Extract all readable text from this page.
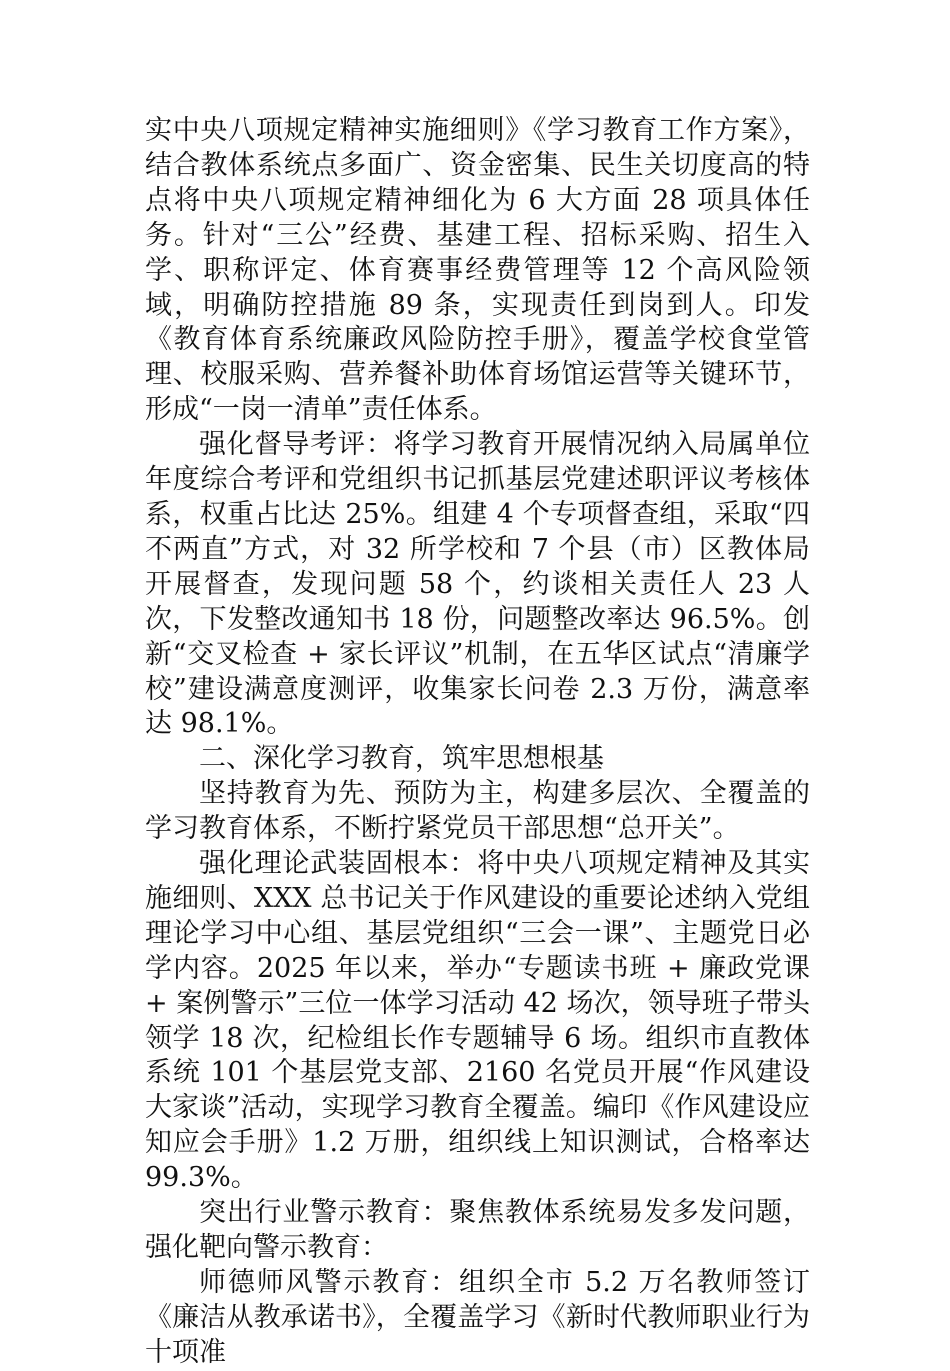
实中央八项规定精神实施细则》《学习教育工作方案》，结合教体系统点多面广、资金密集、民生关切度高的特点将中央八项规定精神细化为 6 大方面 28 项具体任务。针对“三公”经费、基建工程、招标采购、招生入学、职称评定、体育赛事经费管理等 12 个高风险领域，明确防控措施 89 条，实现责任到岗到人。印发《教育体育系统廉政风险防控手册》，覆盖学校食堂管理、校服采购、营养餐补助体育场馆运营等关键环节，形成“一岗一清单”责任体系。

强化督导考评：将学习教育开展情况纳入局属单位年度综合考评和党组织书记抓基层党建述职评议考核体系，权重占比达 25%。组建 4 个专项督查组，采取“四不两直”方式，对 32 所学校和 7 个县（市）区教体局开展督查，发现问题 58 个，约谈相关责任人 23 人次，下发整改通知书 18 份，问题整改率达 96.5%。创新“交叉检查 + 家长评议”机制，在五华区试点“清廉学校”建设满意度测评，收集家长问卷 2.3 万份，满意率达 98.1%。

二、深化学习教育，筑牢思想根基

坚持教育为先、预防为主，构建多层次、全覆盖的学习教育体系，不断拧紧党员干部思想“总开关”。

强化理论武装固根本：将中央八项规定精神及其实施细则、XXX 总书记关于作风建设的重要论述纳入党组理论学习中心组、基层党组织“三会一课”、主题党日必学内容。2025 年以来，举办“专题读书班 + 廉政党课 + 案例警示”三位一体学习活动 42 场次，领导班子带头领学 18 次，纪检组长作专题辅导 6 场。组织市直教体系统 101 个基层党支部、2160 名党员开展“作风建设大家谈”活动，实现学习教育全覆盖。编印《作风建设应知应会手册》1.2 万册，组织线上知识测试，合格率达 99.3%。

突出行业警示教育：聚焦教体系统易发多发问题，强化靶向警示教育：

师德师风警示教育：组织全市 5.2 万名教师签订《廉洁从教承诺书》，全覆盖学习《新时代教师职业行为十项准
